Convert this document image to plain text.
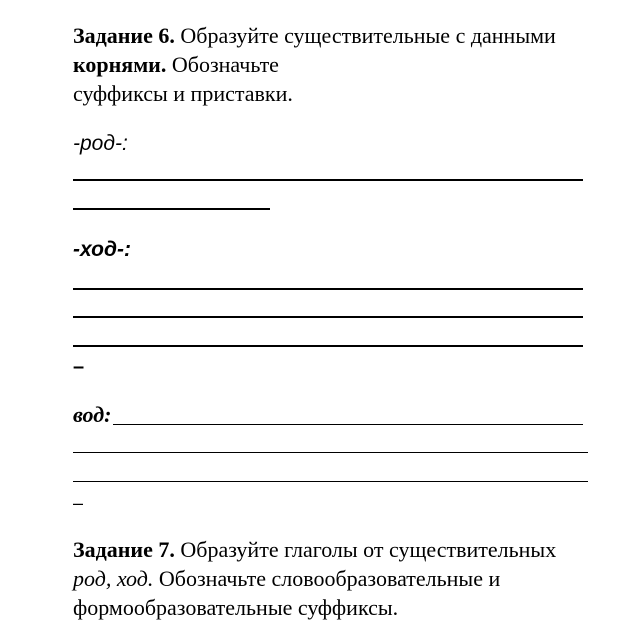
Задание 6. Образуйте существительные с данными
корнями. Обозначьте
суффиксы и приставки.
-род-:
-ход-:
–
вод:
–
Задание 7. Образуйте глаголы от существительных
род, ход. Обозначьте словообразовательные и
формообразовательные суффиксы.
